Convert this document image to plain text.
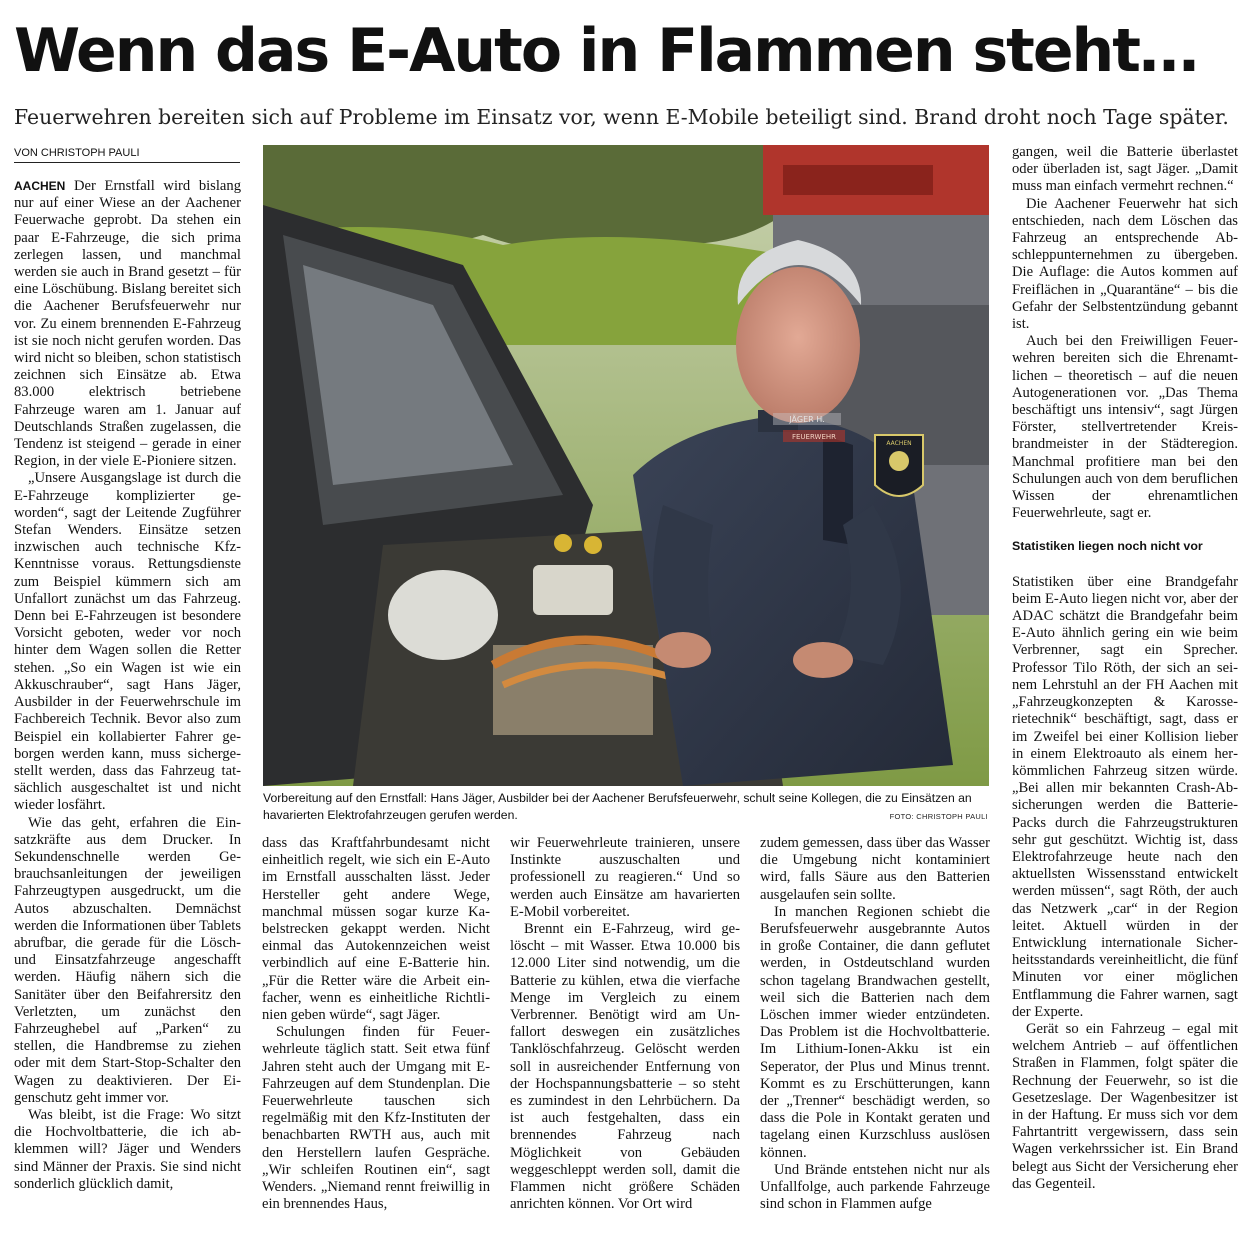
Wenn das E-Auto in Flammen steht…

Feuerwehren bereiten sich auf Probleme im Einsatz vor, wenn E-Mobile beteiligt sind. Brand droht noch Tage später.

VON CHRISTOPH PAULI

AACHEN Der Ernstfall wird bislang nur auf einer Wiese an der Aachener Feuerwache geprobt. Da stehen ein paar E-Fahrzeuge, die sich prima zerlegen lassen, und manchmal werden sie auch in Brand gesetzt – für eine Löschübung. Bislang bereitet sich die Aachener Berufsfeuerwehr nur vor. Zu einem brennenden E-Fahrzeug ist sie noch nicht gerufen worden. Das wird nicht so bleiben, schon statistisch zeichnen sich Einsätze ab. Etwa 83.000 elektrisch betriebene Fahrzeuge waren am 1. Januar auf Deutschlands Straßen zugelassen, die Tendenz ist steigend – gerade in einer Region, in der viele E-Pioniere sitzen.

„Unsere Ausgangslage ist durch die E-Fahrzeuge komplizierter geworden“, sagt der Leitende Zugführer Stefan Wenders. Einsätze setzen inzwischen auch technische Kfz-Kenntnisse voraus. Rettungsdienste zum Beispiel kümmern sich am Unfallort zunächst um das Fahrzeug. Denn bei E-Fahrzeugen ist besondere Vorsicht geboten, weder vor noch hinter dem Wagen sollen die Retter stehen. „So ein Wagen ist wie ein Akkuschrauber“, sagt Hans Jäger, Ausbilder in der Feuerwehrschule im Fachbereich Technik. Bevor also zum Beispiel ein kollabierter Fahrer geborgen werden kann, muss sichergestellt werden, dass das Fahrzeug tatsächlich ausgeschaltet ist und nicht wieder losfährt.

Wie das geht, erfahren die Einsatzkräfte aus dem Drucker. In Sekundenschnelle werden Gebrauchsanleitungen der jeweiligen Fahrzeugtypen ausgedruckt, um die Autos abzuschalten. Demnächst werden die Informationen über Tablets abrufbar, die gerade für die Lösch- und Einsatzfahrzeuge angeschafft werden. Häufig nähern sich die Sanitäter über den Beifahrersitz den Verletzten, um zunächst den Fahrzeughebel auf „Parken“ zu stellen, die Handbremse zu ziehen oder mit dem Start-Stop-Schalter den Wagen zu deaktivieren. Der Eigenschutz geht immer vor.

Was bleibt, ist die Frage: Wo sitzt die Hochvoltbatterie, die ich abklemmen will? Jäger und Wenders sind Männer der Praxis. Sie sind nicht sonderlich glücklich damit,

AACHEN
JÄGER H.
FEUERWEHR
Vorbereitung auf den Ernstfall: Hans Jäger, Ausbilder bei der Aachener Berufsfeuerwehr, schult seine Kollegen, die zu Einsätzen an havarierten Elektrofahrzeugen gerufen werden.	FOTO: CHRISTOPH PAULI

dass das Kraftfahrbundesamt nicht einheitlich regelt, wie sich ein E-Auto im Ernstfall ausschalten lässt. Jeder Hersteller geht andere Wege, manchmal müssen sogar kurze Kabelstrecken gekappt werden. Nicht einmal das Autokennzeichen weist verbindlich auf eine E-Batterie hin. „Für die Retter wäre die Arbeit einfacher, wenn es einheitliche Richtlinien geben würde“, sagt Jäger.

Schulungen finden für Feuerwehrleute täglich statt. Seit etwa fünf Jahren steht auch der Umgang mit E-Fahrzeugen auf dem Stundenplan. Die Feuerwehrleute tauschen sich regelmäßig mit den Kfz-Instituten der benachbarten RWTH aus, auch mit den Herstellern laufen Gespräche. „Wir schleifen Routinen ein“, sagt Wenders. „Niemand rennt freiwillig in ein brennendes Haus,

wir Feuerwehrleute trainieren, unsere Instinkte auszuschalten und professionell zu reagieren.“ Und so werden auch Einsätze am havarierten E-Mobil vorbereitet.

Brennt ein E-Fahrzeug, wird gelöscht – mit Wasser. Etwa 10.000 bis 12.000 Liter sind notwendig, um die Batterie zu kühlen, etwa die vierfache Menge im Vergleich zu einem Verbrenner. Benötigt wird am Unfallort deswegen ein zusätzliches Tanklöschfahrzeug. Gelöscht werden soll in ausreichender Entfernung von der Hochspannungsbatterie – so steht es zumindest in den Lehrbüchern. Da ist auch festgehalten, dass ein brennendes Fahrzeug nach Möglichkeit von Gebäuden weggeschleppt werden soll, damit die Flammen nicht größere Schäden anrichten können. Vor Ort wird

zudem gemessen, dass über das Wasser die Umgebung nicht kontaminiert wird, falls Säure aus den Batterien ausgelaufen sein sollte.

In manchen Regionen schiebt die Berufsfeuerwehr ausgebrannte Autos in große Container, die dann geflutet werden, in Ostdeutschland wurden schon tagelang Brandwachen gestellt, weil sich die Batterien nach dem Löschen immer wieder entzündeten. Das Problem ist die Hochvoltbatterie. Im Lithium-Ionen-Akku ist ein Seperator, der Plus und Minus trennt. Kommt es zu Erschütterungen, kann der „Trenner“ beschädigt werden, so dass die Pole in Kontakt geraten und tagelang einen Kurzschluss auslösen können.

Und Brände entstehen nicht nur als Unfallfolge, auch parkende Fahrzeuge sind schon in Flammen aufge

gangen, weil die Batterie überlastet oder überladen ist, sagt Jäger. „Damit muss man einfach vermehrt rechnen.“

Die Aachener Feuerwehr hat sich entschieden, nach dem Löschen das Fahrzeug an entsprechende Abschleppunternehmen zu übergeben. Die Auflage: die Autos kommen auf Freiflächen in „Quarantäne“ – bis die Gefahr der Selbstentzündung gebannt ist.

Auch bei den Freiwilligen Feuerwehren bereiten sich die Ehrenamtlichen – theoretisch – auf die neuen Autogenerationen vor. „Das Thema beschäftigt uns intensiv“, sagt Jürgen Förster, stellvertretender Kreisbrandmeister in der Städteregion. Manchmal profitiere man bei den Schulungen auch von dem beruflichen Wissen der ehrenamtlichen Feuerwehrleute, sagt er.

Statistiken liegen noch nicht vor

Statistiken über eine Brandgefahr beim E-Auto liegen nicht vor, aber der ADAC schätzt die Brandgefahr beim E-Auto ähnlich gering ein wie beim Verbrenner, sagt ein Sprecher. Professor Tilo Röth, der sich an seinem Lehrstuhl an der FH Aachen mit „Fahrzeugkonzepten & Karosserietechnik“ beschäftigt, sagt, dass er im Zweifel bei einer Kollision lieber in einem Elektroauto als einem herkömmlichen Fahrzeug sitzen würde. „Bei allen mir bekannten Crash-Absicherungen werden die Batterie-Packs durch die Fahrzeugstrukturen sehr gut geschützt. Wichtig ist, dass Elektrofahrzeuge heute nach den aktuellsten Wissensstand entwickelt werden müssen“, sagt Röth, der auch das Netzwerk „car“ in der Region leitet. Aktuell würden in der Entwicklung internationale Sicherheitsstandards vereinheitlicht, die fünf Minuten vor einer möglichen Entflammung die Fahrer warnen, sagt der Experte.

Gerät so ein Fahrzeug – egal mit welchem Antrieb – auf öffentlichen Straßen in Flammen, folgt später die Rechnung der Feuerwehr, so ist die Gesetzeslage. Der Wagenbesitzer ist in der Haftung. Er muss sich vor dem Fahrtantritt vergewissern, dass sein Wagen verkehrssicher ist. Ein Brand belegt aus Sicht der Versicherung eher das Gegenteil.
